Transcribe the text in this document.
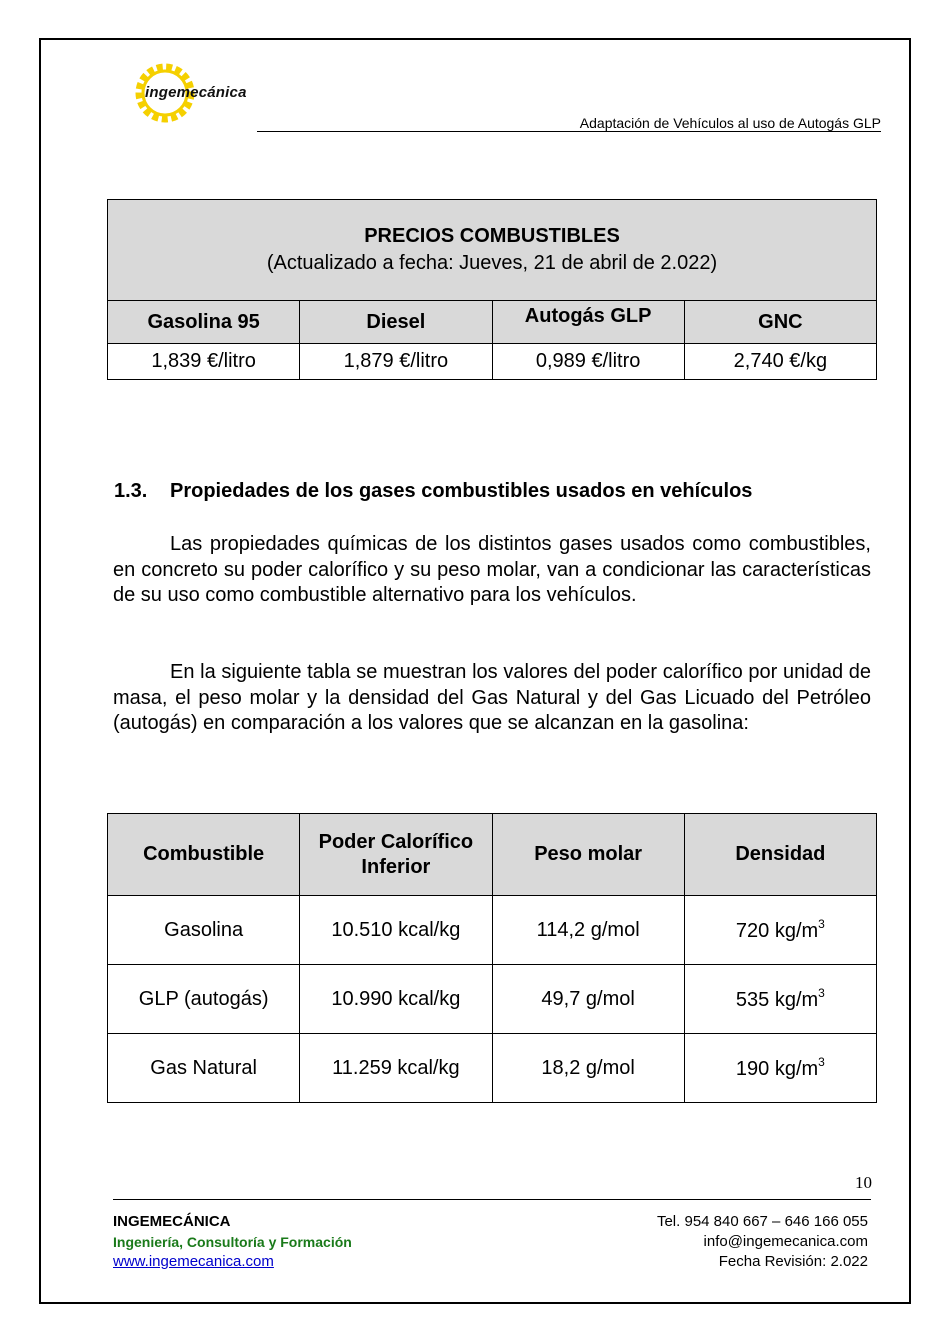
ingemecánica
Adaptación de Vehículos al uso de Autogás GLP
PRECIOS COMBUSTIBLES
(Actualizado a fecha: Jueves, 21 de abril de 2.022)			
Gasolina 95	Diesel	Autogás GLP	GNC
1,839 €/litro	1,879 €/litro	0,989 €/litro	2,740 €/kg
1.3. Propiedades de los gases combustibles usados en vehículos
Las propiedades químicas de los distintos gases usados como combustibles, en concreto su poder calorífico y su peso molar, van a condicionar las características de su uso como combustible alternativo para los vehículos.
En la siguiente tabla se muestran los valores del poder calorífico por unidad de masa, el peso molar y la densidad del Gas Natural y del Gas Licuado del Petróleo (autogás) en comparación a los valores que se alcanzan en la gasolina:
Combustible	Poder Calorífico Inferior	Peso molar	Densidad
Gasolina	10.510 kcal/kg	114,2 g/mol	720 $kg/m^3$
GLP (autogás)	10.990 kcal/kg	49,7 g/mol	535 $kg/m^3$
Gas Natural	11.259 kcal/kg	18,2 g/mol	190 $kg/m^3$
10
INGEMECÁNICA
Ingeniería, Consultoría y Formación
www.ingemecanica.com
Tel. 954 840 667 – 646 166 055
info@ingemecanica.com
Fecha Revisión: 2.022
